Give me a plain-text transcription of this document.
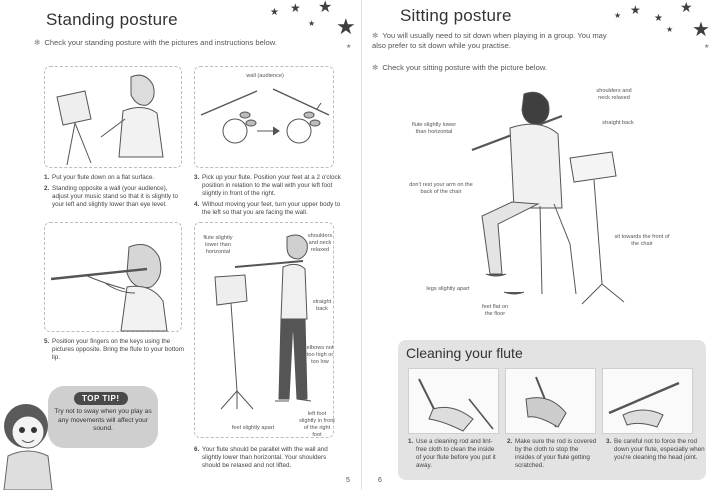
★ ★ ★
★ ★
★
Standing posture
✻ Check your standing posture with the pictures and instructions below.
1. Put your flute down on a flat surface.
2. Standing opposite a wall (your audience), adjust your music stand so that it is slightly to your left and slightly lower than eye level.
wall (audience)
3. Pick up your flute. Position your feet at a 2 o'clock position in relation to the wall with your left foot slightly in front of the right.
4. Without moving your feet, turn your upper body to the left so that you are facing the wall.
5. Position your fingers on the keys using the pictures opposite. Bring the flute to your bottom lip.
flute slightly lower than horizontal
shoulders and neck relaxed
straight back
elbows not too high or too low
left foot slightly in front of the right foot
feet slightly apart
6. Your flute should be parallel with the wall and slightly lower than horizontal. Your shoulders should be relaxed and not lifted.
TOP TIP!
Try not to sway when you play as any movements will affect your sound.
5
★ ★
★
★
★ ★
★
Sitting posture
✻ You will usually need to sit down when playing in a group. You may also prefer to sit down while you practise.
✻ Check your sitting posture with the picture below.
shoulders and neck relaxed
straight back
flute slightly lower than horizontal
don't rest your arm on the back of the chair
sit towards the front of the chair
legs slightly apart
feet flat on the floor
6
Cleaning your flute
1. Use a cleaning rod and lint-free cloth to clean the inside of your flute before you put it away.
2. Make sure the rod is covered by the cloth to stop the insides of your flute getting scratched.
3. Be careful not to force the rod down your flute, especially when you're cleaning the head joint.
